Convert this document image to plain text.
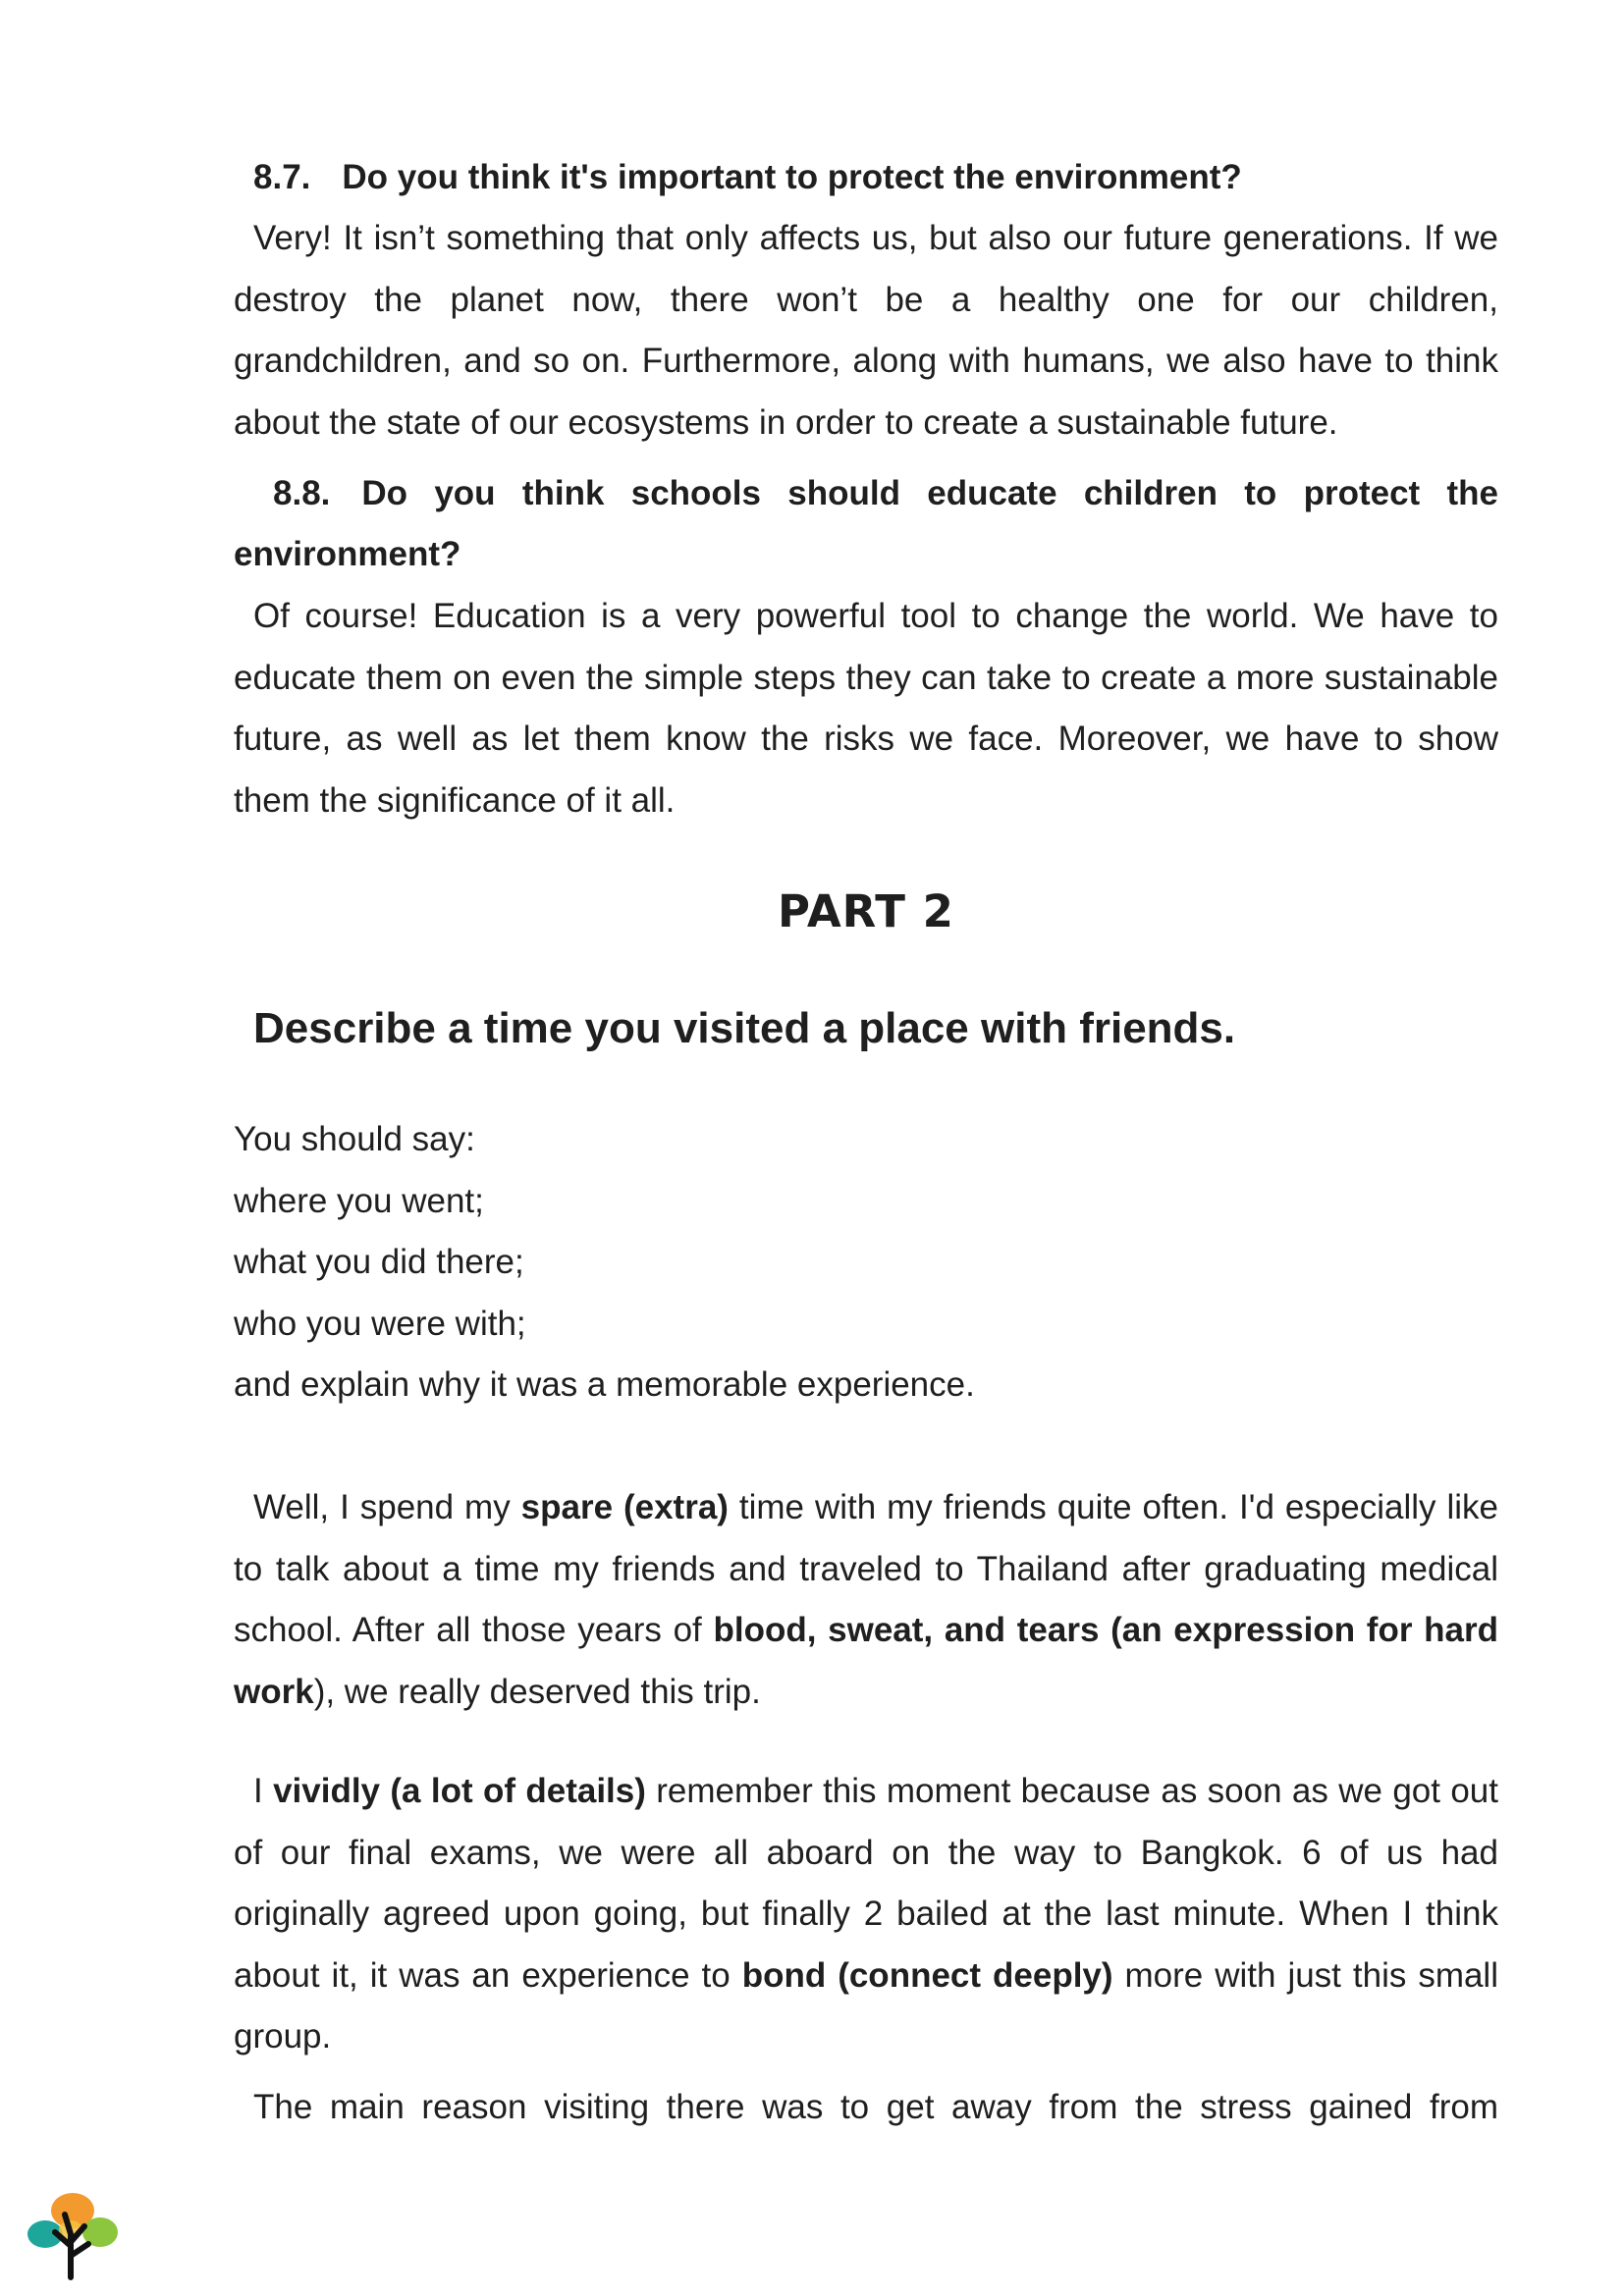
8.7. Do you think it's important to protect the environment?

Very! It isn’t something that only affects us, but also our future generations. If we destroy the planet now, there won’t be a healthy one for our children, grandchildren, and so on. Furthermore, along with humans, we also have to think about the state of our ecosystems in order to create a sustainable future.

8.8. Do you think schools should educate children to protect the environment?

Of course! Education is a very powerful tool to change the world. We have to educate them on even the simple steps they can take to create a more sustainable future, as well as let them know the risks we face. Moreover, we have to show them the significance of it all.

PART 2
Describe a time you visited a place with friends.
You should say:
where you went;
what you did there;
who you were with;
and explain why it was a memorable experience.

Well, I spend my spare (extra) time with my friends quite often. I'd especially like to talk about a time my friends and traveled to Thailand after graduating medical school. After all those years of blood, sweat, and tears (an expression for hard work), we really deserved this trip.

I vividly (a lot of details) remember this moment because as soon as we got out of our final exams, we were all aboard on the way to Bangkok. 6 of us had originally agreed upon going, but finally 2 bailed at the last minute. When I think about it, it was an experience to bond (connect deeply) more with just this small group.

The main reason visiting there was to get away from the stress gained from
